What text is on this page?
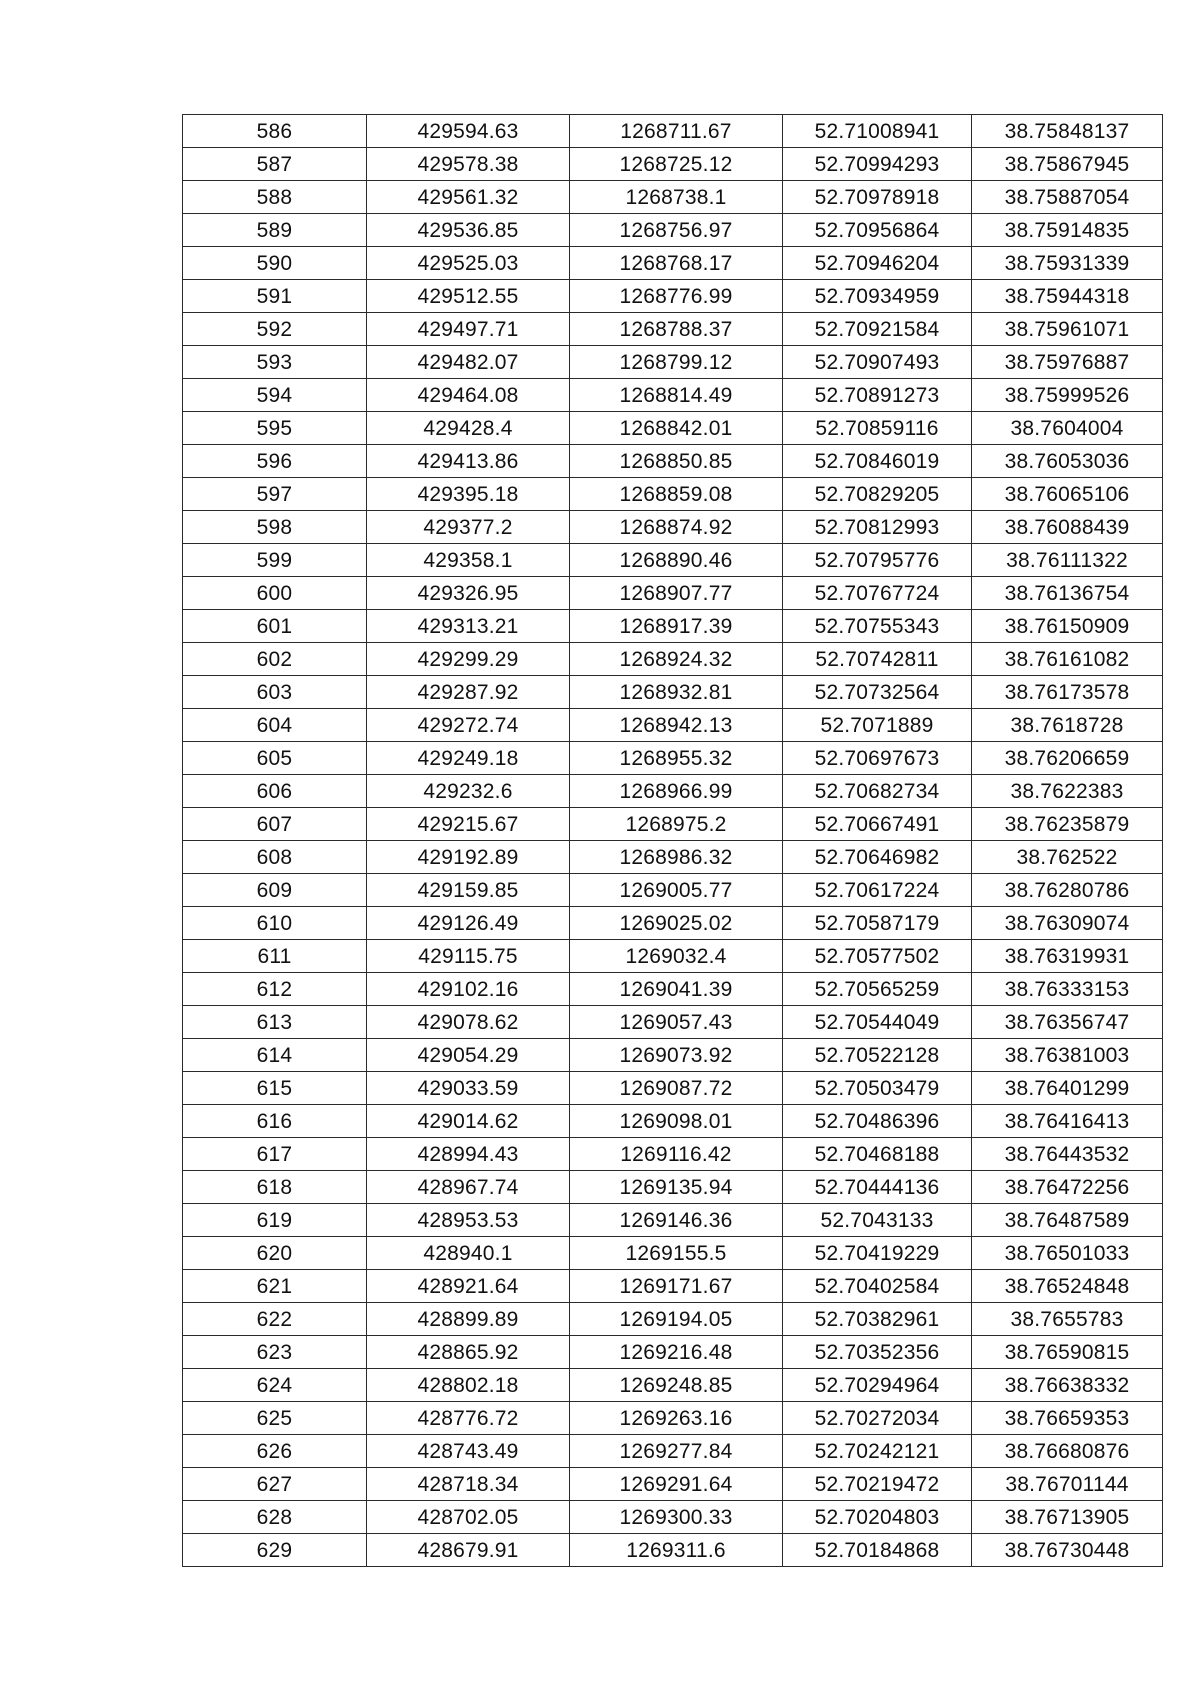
586	429594.63	1268711.67	52.71008941	38.75848137
587	429578.38	1268725.12	52.70994293	38.75867945
588	429561.32	1268738.1	52.70978918	38.75887054
589	429536.85	1268756.97	52.70956864	38.75914835
590	429525.03	1268768.17	52.70946204	38.75931339
591	429512.55	1268776.99	52.70934959	38.75944318
592	429497.71	1268788.37	52.70921584	38.75961071
593	429482.07	1268799.12	52.70907493	38.75976887
594	429464.08	1268814.49	52.70891273	38.75999526
595	429428.4	1268842.01	52.70859116	38.7604004
596	429413.86	1268850.85	52.70846019	38.76053036
597	429395.18	1268859.08	52.70829205	38.76065106
598	429377.2	1268874.92	52.70812993	38.76088439
599	429358.1	1268890.46	52.70795776	38.76111322
600	429326.95	1268907.77	52.70767724	38.76136754
601	429313.21	1268917.39	52.70755343	38.76150909
602	429299.29	1268924.32	52.70742811	38.76161082
603	429287.92	1268932.81	52.70732564	38.76173578
604	429272.74	1268942.13	52.7071889	38.7618728
605	429249.18	1268955.32	52.70697673	38.76206659
606	429232.6	1268966.99	52.70682734	38.7622383
607	429215.67	1268975.2	52.70667491	38.76235879
608	429192.89	1268986.32	52.70646982	38.762522
609	429159.85	1269005.77	52.70617224	38.76280786
610	429126.49	1269025.02	52.70587179	38.76309074
611	429115.75	1269032.4	52.70577502	38.76319931
612	429102.16	1269041.39	52.70565259	38.76333153
613	429078.62	1269057.43	52.70544049	38.76356747
614	429054.29	1269073.92	52.70522128	38.76381003
615	429033.59	1269087.72	52.70503479	38.76401299
616	429014.62	1269098.01	52.70486396	38.76416413
617	428994.43	1269116.42	52.70468188	38.76443532
618	428967.74	1269135.94	52.70444136	38.76472256
619	428953.53	1269146.36	52.7043133	38.76487589
620	428940.1	1269155.5	52.70419229	38.76501033
621	428921.64	1269171.67	52.70402584	38.76524848
622	428899.89	1269194.05	52.70382961	38.7655783
623	428865.92	1269216.48	52.70352356	38.76590815
624	428802.18	1269248.85	52.70294964	38.76638332
625	428776.72	1269263.16	52.70272034	38.76659353
626	428743.49	1269277.84	52.70242121	38.76680876
627	428718.34	1269291.64	52.70219472	38.76701144
628	428702.05	1269300.33	52.70204803	38.76713905
629	428679.91	1269311.6	52.70184868	38.76730448
